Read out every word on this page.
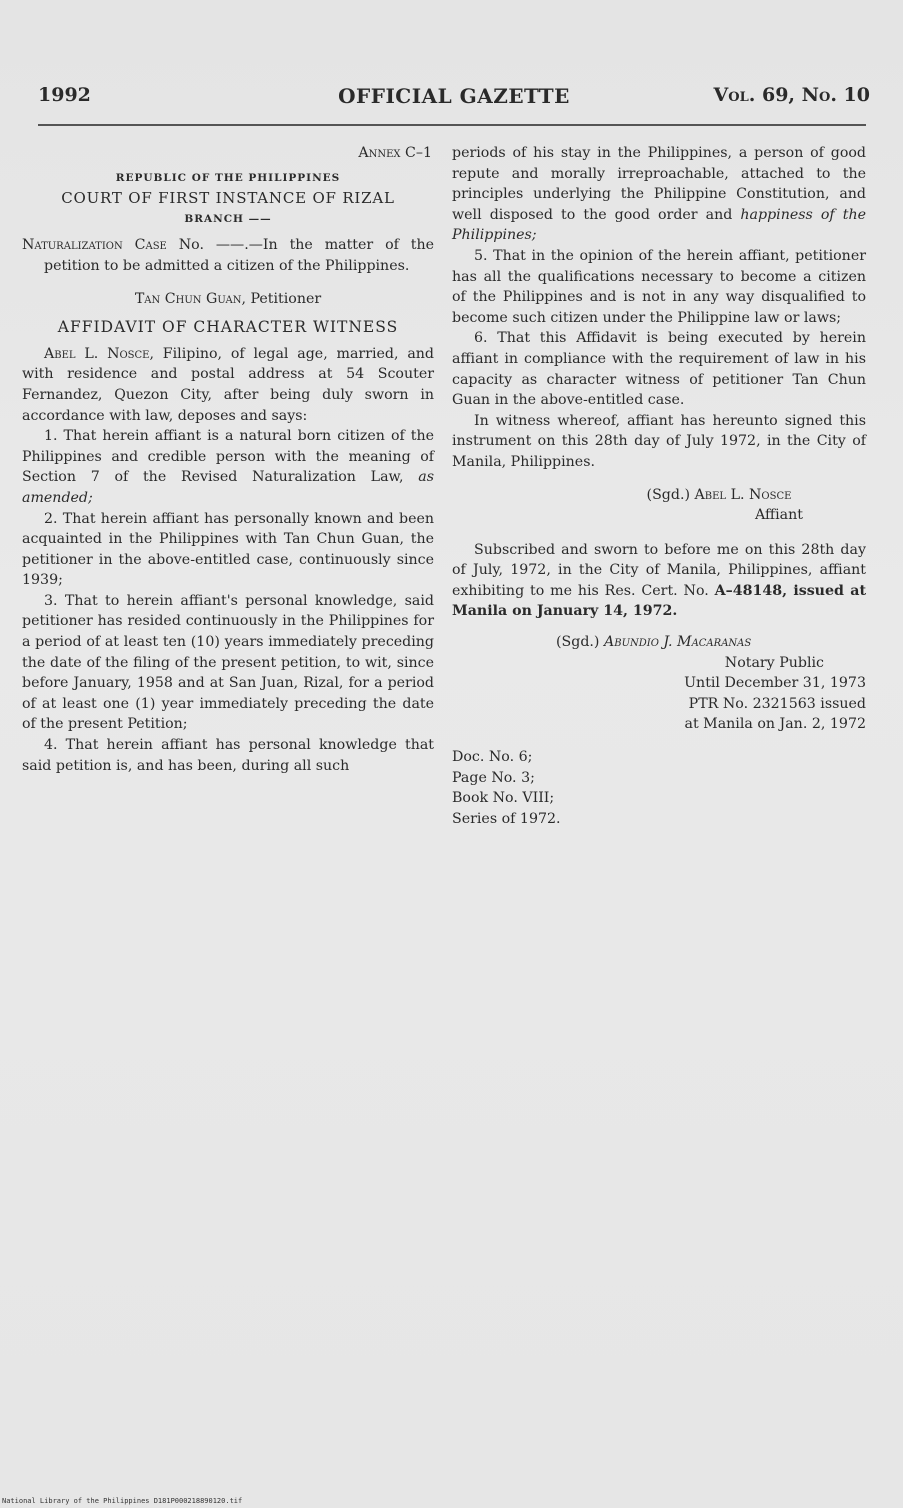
1992	OFFICIAL GAZETTE	Vol. 69, No. 10

Annex C–1

REPUBLIC OF THE PHILIPPINES

COURT OF FIRST INSTANCE OF RIZAL

BRANCH ——

Naturalization Case No. ——.—In the matter of the petition to be admitted a citizen of the Philippines.

Tan Chun Guan, Petitioner

AFFIDAVIT OF CHARACTER WITNESS

Abel L. Nosce, Filipino, of legal age, married, and with residence and postal address at 54 Scouter Fernandez, Quezon City, after being duly sworn in accordance with law, deposes and says:

1. That herein affiant is a natural born citizen of the Philippines and credible person with the meaning of Section 7 of the Revised Naturalization Law, as amended;

2. That herein affiant has personally known and been acquainted in the Philippines with Tan Chun Guan, the petitioner in the above-entitled case, continuously since 1939;

3. That to herein affiant's personal knowledge, said petitioner has resided continuously in the Philippines for a period of at least ten (10) years immediately preceding the date of the filing of the present petition, to wit, since before January, 1958 and at San Juan, Rizal, for a period of at least one (1) year immediately preceding the date of the present Petition;

4. That herein affiant has personal knowledge that said petition is, and has been, during all such

periods of his stay in the Philippines, a person of good repute and morally irreproachable, attached to the principles underlying the Philippine Constitution, and well disposed to the good order and happiness of the Philippines;

5. That in the opinion of the herein affiant, petitioner has all the qualifications necessary to become a citizen of the Philippines and is not in any way disqualified to become such citizen under the Philippine law or laws;

6. That this Affidavit is being executed by herein affiant in compliance with the requirement of law in his capacity as character witness of petitioner Tan Chun Guan in the above-entitled case.

In witness whereof, affiant has hereunto signed this instrument on this 28th day of July 1972, in the City of Manila, Philippines.

(Sgd.) Abel L. Nosce

Affiant

Subscribed and sworn to before me on this 28th day of July, 1972, in the City of Manila, Philippines, affiant exhibiting to me his Res. Cert. No. A–48148, issued at Manila on January 14, 1972.

(Sgd.) Abundio J. Macaranas

Notary Public

Until December 31, 1973

PTR No. 2321563 issued

at Manila on Jan. 2, 1972

Doc. No. 6;

Page No. 3;

Book No. VIII;

Series of 1972.

National Library of the Philippines D181P000218890120.tif
